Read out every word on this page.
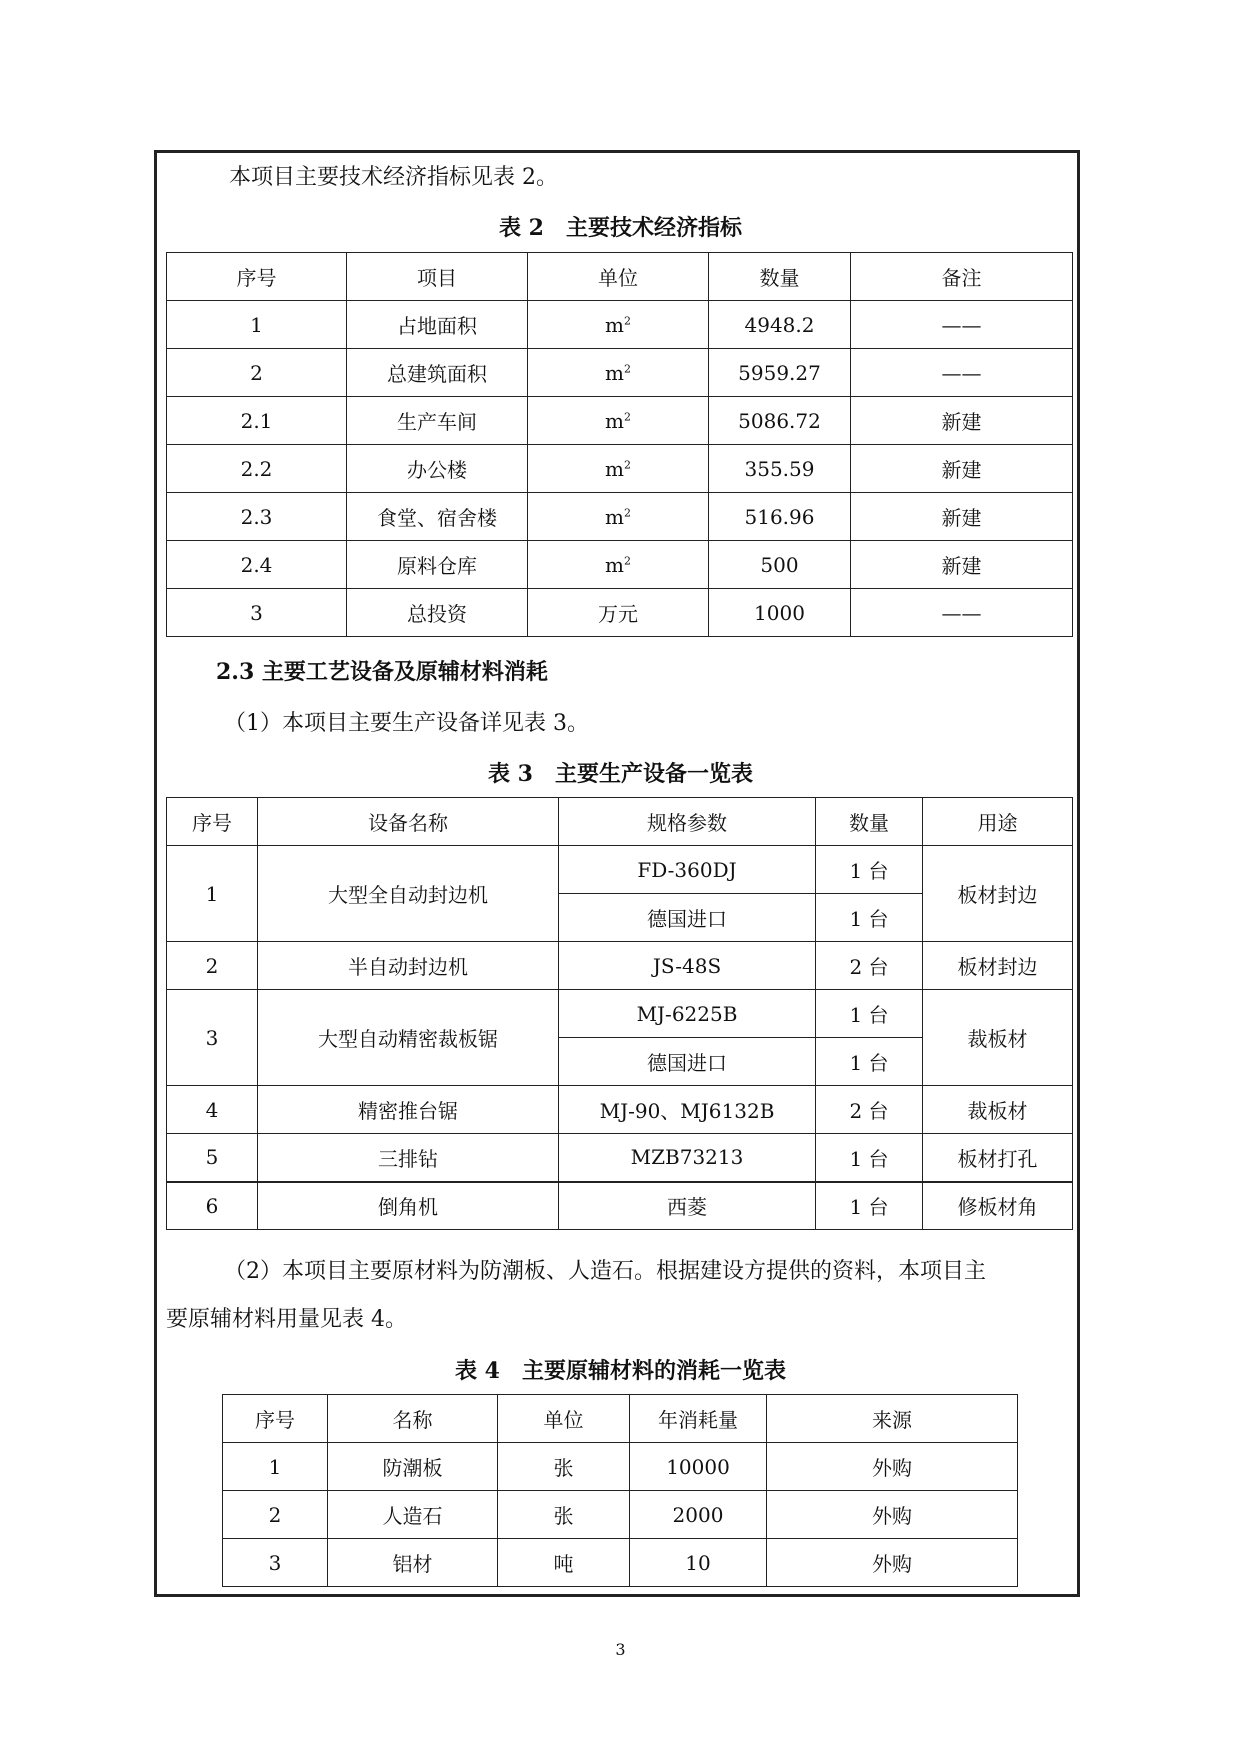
本项目主要技术经济指标见表 2。
表 2　主要技术经济指标
序号	项目	单位	数量	备注
1	占地面积	$m^2$	4948.2	——
2	总建筑面积	$m^2$	5959.27	——
2.1	生产车间	$m^2$	5086.72	新建
2.2	办公楼	$m^2$	355.59	新建
2.3	食堂、宿舍楼	$m^2$	516.96	新建
2.4	原料仓库	$m^2$	500	新建
3	总投资	万元	1000	——
2.3 主要工艺设备及原辅材料消耗
（1）本项目主要生产设备详见表 3。
表 3　主要生产设备一览表
序号	设备名称	规格参数	数量	用途
1	大型全自动封边机	FD-360DJ	1 台	板材封边
		德国进口	1 台	
2	半自动封边机	JS-48S	2 台	板材封边
3	大型自动精密裁板锯	MJ-6225B	1 台	裁板材
		德国进口	1 台	
4	精密推台锯	MJ-90、MJ6132B	2 台	裁板材
5	三排钻	MZB73213	1 台	板材打孔
6	倒角机	西菱	1 台	修板材角
（2）本项目主要原材料为防潮板、人造石。根据建设方提供的资料，本项目主
要原辅材料用量见表 4。
表 4　主要原辅材料的消耗一览表
序号	名称	单位	年消耗量	来源
1	防潮板	张	10000	外购
2	人造石	张	2000	外购
3	铝材	吨	10	外购
3
